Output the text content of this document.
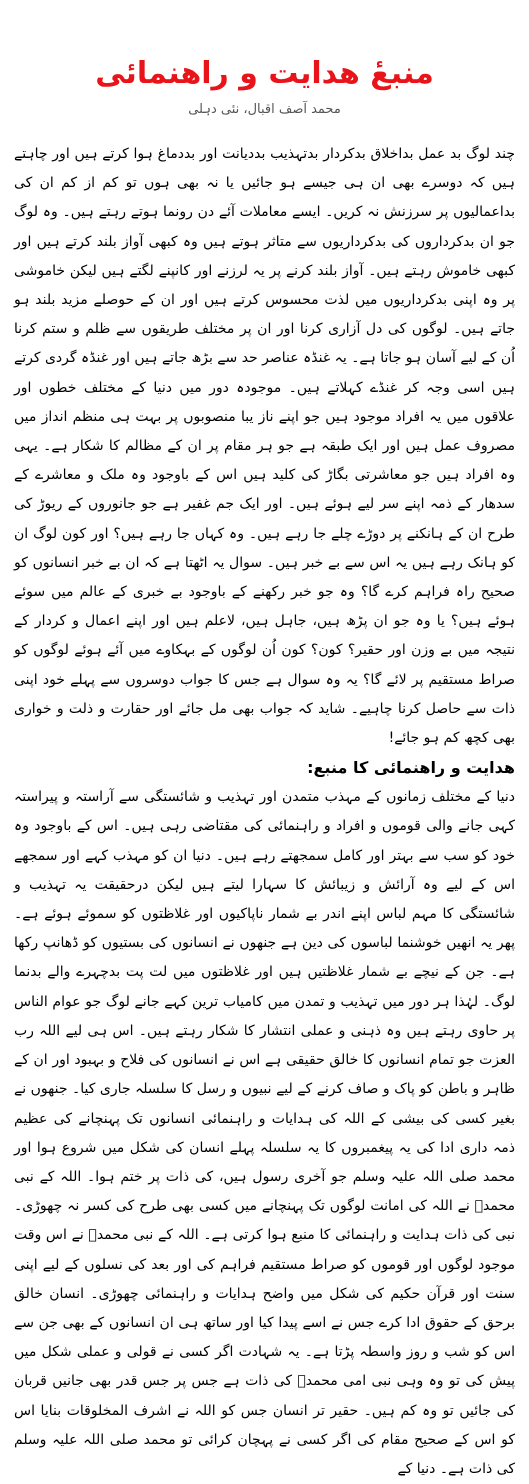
منبعٔ ھدایت و راھنمائی
محمد آصف اقبال، نئی دہلی

چند لوگ بد عمل بداخلاق بدکردار بدتہذیب بددیانت اور بددماغ ہوا کرتے ہیں اور چاہتے ہیں کہ دوسرے بھی ان ہی جیسے ہو جائیں یا نہ بھی ہوں تو کم از کم ان کی بداعمالیوں پر سرزنش نہ کریں۔ ایسے معاملات آئے دن رونما ہوتے رہتے ہیں۔ وہ لوگ جو ان بدکرداروں کی بدکرداریوں سے متاثر ہوتے ہیں وہ کبھی آواز بلند کرتے ہیں اور کبھی خاموش رہتے ہیں۔ آواز بلند کرنے پر یہ لرزنے اور کانپنے لگتے ہیں لیکن خاموشی پر وہ اپنی بدکرداریوں میں لذت محسوس کرتے ہیں اور ان کے حوصلے مزید بلند ہو جاتے ہیں۔ لوگوں کی دل آزاری کرنا اور ان پر مختلف طریقوں سے ظلم و ستم کرنا اُن کے لیے آسان ہو جاتا ہے۔ یہ غنڈہ عناصر حد سے بڑھ جاتے ہیں اور غنڈہ گردی کرتے ہیں اسی وجہ کر غنڈے کہلاتے ہیں۔ موجودہ دور میں دنیا کے مختلف خطوں اور علاقوں میں یہ افراد موجود ہیں جو اپنے ناز یبا منصوبوں پر بہت ہی منظم انداز میں مصروف عمل ہیں اور ایک طبقہ ہے جو ہر مقام پر ان کے مظالم کا شکار ہے۔ یہی وہ افراد ہیں جو معاشرتی بگاڑ کی کلید ہیں اس کے باوجود وہ ملک و معاشرے کے سدھار کے ذمہ اپنے سر لیے ہوئے ہیں۔ اور ایک جم غفیر ہے جو جانوروں کے ریوڑ کی طرح ان کے ہانکنے پر دوڑے چلے جا رہے ہیں۔ وہ کہاں جا رہے ہیں؟ اور کون لوگ ان کو ہانک رہے ہیں یہ اس سے بے خبر ہیں۔ سوال یہ اٹھتا ہے کہ ان بے خبر انسانوں کو صحیح راہ فراہم کرے گا؟ وہ جو خبر رکھنے کے باوجود بے خبری کے عالم میں سوئے ہوئے ہیں؟ یا وہ جو ان پڑھ ہیں، جاہل ہیں، لاعلم ہیں اور اپنے اعمال و کردار کے نتیجہ میں بے وزن اور حقیر؟ کون؟ کون اُن لوگوں کے بہکاوے میں آئے ہوئے لوگوں کو صراط مستقیم پر لائے گا؟ یہ وہ سوال ہے جس کا جواب دوسروں سے پہلے خود اپنی ذات سے حاصل کرنا چاہیے۔ شاید کہ جواب بھی مل جائے اور حقارت و ذلت و خواری بھی کچھ کم ہو جائے!

ھدایت و راھنمائی کا منبع:

دنیا کے مختلف زمانوں کے مہذب متمدن اور تہذیب و شائستگی سے آراستہ و پیراستہ کہی جانے والی قوموں و افراد و راہنمائی کی مقتاضی رہی ہیں۔ اس کے باوجود وہ خود کو سب سے بہتر اور کامل سمجھتے رہے ہیں۔ دنیا ان کو مہذب کہے اور سمجھے اس کے لیے وہ آرائش و زیبائش کا سہارا لیتے ہیں لیکن درحقیقت یہ تہذیب و شائستگی کا مہم لباس اپنے اندر بے شمار ناپاکیوں اور غلاظتوں کو سموئے ہوئے ہے۔ پھر یہ انھیں خوشنما لباسوں کی دین ہے جنھوں نے انسانوں کی بستیوں کو ڈھانپ رکھا ہے۔ جن کے نیچے بے شمار غلاظتیں ہیں اور غلاظتوں میں لت پت بدچہرے والے بدنما لوگ۔ لہٰذا ہر دور میں تہذیب و تمدن میں کامیاب ترین کہے جانے لوگ جو عوام الناس پر حاوی رہتے ہیں وہ ذہنی و عملی انتشار کا شکار رہتے ہیں۔ اس ہی لیے اللہ رب العزت جو تمام انسانوں کا خالق حقیقی ہے اس نے انسانوں کی فلاح و بہبود اور ان کے ظاہر و باطن کو پاک و صاف کرنے کے لیے نبیوں و رسل کا سلسلہ جاری کیا۔ جنھوں نے بغیر کسی کی بیشی کے اللہ کی ہدایات و راہنمائی انسانوں تک پہنچانے کی عظیم ذمہ داری ادا کی یہ پیغمبروں کا یہ سلسلہ پہلے انسان کی شکل میں شروع ہوا اور محمد صلی اللہ علیہ وسلم جو آخری رسول ہیں، کی ذات پر ختم ہوا۔ اللہ کے نبی محمدؐ نے اللہ کی امانت لوگوں تک پہنچانے میں کسی بھی طرح کی کسر نہ چھوڑی۔ نبی کی ذات ہدایت و راہنمائی کا منبع ہوا کرتی ہے۔ اللہ کے نبی محمدؐ نے اس وقت موجود لوگوں اور قوموں کو صراط مستقیم فراہم کی اور بعد کی نسلوں کے لیے اپنی سنت اور قرآن حکیم کی شکل میں واضح ہدایات و راہنمائی چھوڑی۔ انسان خالق برحق کے حقوق ادا کرے جس نے اسے پیدا کیا اور ساتھ ہی ان انسانوں کے بھی جن سے اس کو شب و روز واسطہ پڑتا ہے۔ یہ شہادت اگر کسی نے قولی و عملی شکل میں پیش کی تو وہ وہی نبی امی محمدؐ کی ذات ہے جس پر جس قدر بھی جانیں قربان کی جائیں تو وہ کم ہیں۔ حقیر تر انسان جس کو اللہ نے اشرف المخلوقات بنایا اس کو اس کے صحیح مقام کی اگر کسی نے پہچان کرائی تو محمد صلی اللہ علیہ وسلم کی ذات ہے۔ دنیا کے
